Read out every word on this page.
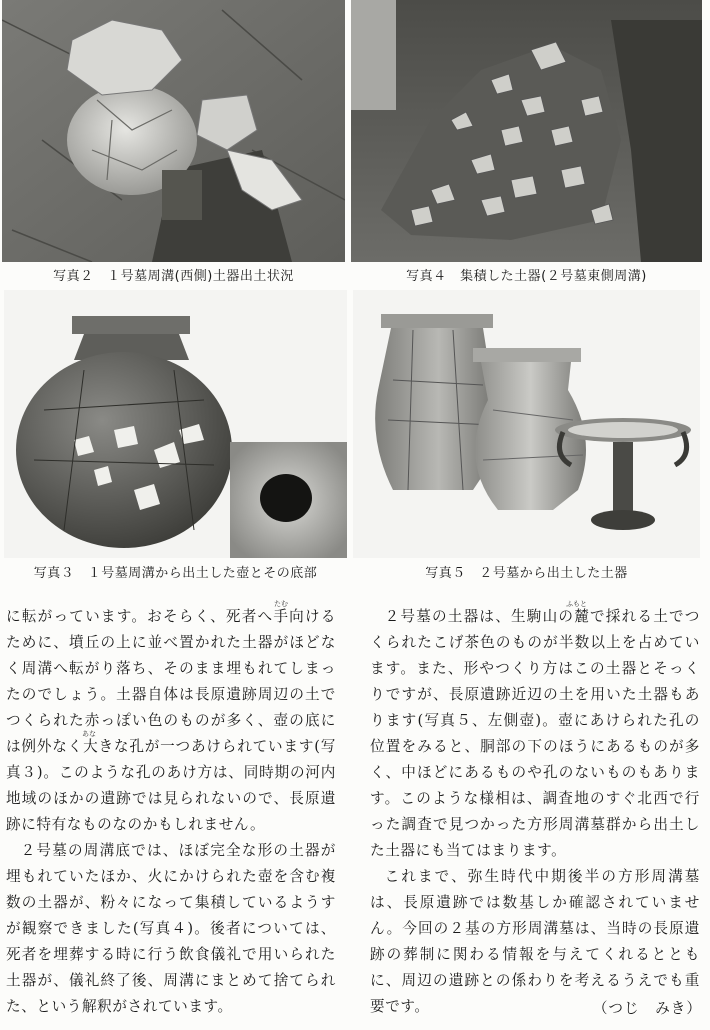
写真２　１号墓周溝(西側)土器出土状況	写真４　集積した土器(２号墓東側周溝)
写真３　１号墓周溝から出土した壺とその底部	写真５　２号墓から出土した土器
たむ
あな
ふもと

に転がっています。おそらく、死者へ手向けるために、墳丘の上に並べ置かれた土器がほどなく周溝へ転がり落ち、そのまま埋もれてしまったのでしょう。土器自体は長原遺跡周辺の土でつくられた赤っぽい色のものが多く、壺の底には例外なく大きな孔が一つあけられています(写真３)。このような孔のあけ方は、同時期の河内地域のほかの遺跡では見られないので、長原遺跡に特有なものなのかもしれません。

２号墓の周溝底では、ほぼ完全な形の土器が埋もれていたほか、火にかけられた壺を含む複数の土器が、粉々になって集積しているようすが観察できました(写真４)。後者については、死者を埋葬する時に行う飲食儀礼で用いられた土器が、儀礼終了後、周溝にまとめて捨てられた、という解釈がされています。

２号墓の土器は、生駒山の麓で採れる土でつくられたこげ茶色のものが半数以上を占めています。また、形やつくり方はこの土器とそっくりですが、長原遺跡近辺の土を用いた土器もあります(写真５、左側壺)。壺にあけられた孔の位置をみると、胴部の下のほうにあるものが多く、中ほどにあるものや孔のないものもあります。このような様相は、調査地のすぐ北西で行った調査で見つかった方形周溝墓群から出土した土器にも当てはまります。

これまで、弥生時代中期後半の方形周溝墓は、長原遺跡では数基しか確認されていません。今回の２基の方形周溝墓は、当時の長原遺跡の葬制に関わる情報を与えてくれるとともに、周辺の遺跡との係わりを考えるうえでも重要です。	（つじ　みき）
